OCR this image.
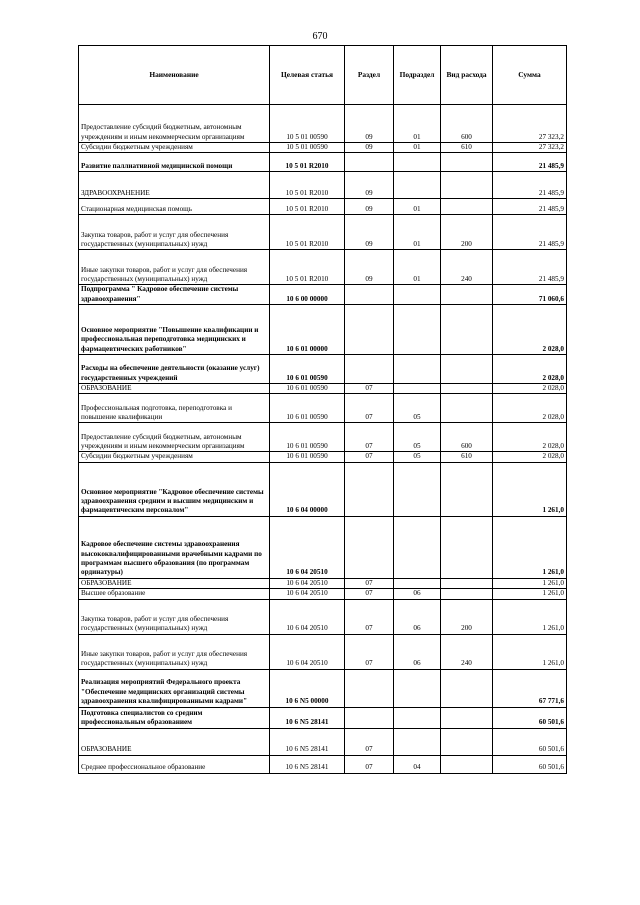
670
Наименование	Целевая статья	Раздел	Подраздел	Вид расхода	Сумма
Предоставление субсидий бюджетным, автономным учреждениям и иным некоммерческим организациям	10 5 01 00590	09	01	600	27 323,2
Субсидии бюджетным учреждениям	10 5 01 00590	09	01	610	27 323,2
Развитие паллиативной медицинской помощи	10 5 01 R2010				21 485,9
ЗДРАВООХРАНЕНИЕ	10 5 01 R2010	09			21 485,9
Стационарная медицинская помощь	10 5 01 R2010	09	01		21 485,9
Закупка товаров, работ и услуг для обеспечения государственных (муниципальных) нужд	10 5 01 R2010	09	01	200	21 485,9
Иные закупки товаров, работ и услуг для обеспечения государственных (муниципальных) нужд	10 5 01 R2010	09	01	240	21 485,9
Подпрограмма " Кадровое обеспечение системы здравоохранения"	10 6 00 00000				71 060,6
Основное мероприятие "Повышение квалификации и профессиональная переподготовка медицинских и фармацевтических работников"	10 6 01 00000				2 028,0
Расходы на обеспечение деятельности (оказание услуг) государственных учреждений	10 6 01 00590				2 028,0
ОБРАЗОВАНИЕ	10 6 01 00590	07			2 028,0
Профессиональная подготовка, переподготовка и повышение квалификации	10 6 01 00590	07	05		2 028,0
Предоставление субсидий бюджетным, автономным учреждениям и иным некоммерческим организациям	10 6 01 00590	07	05	600	2 028,0
Субсидии бюджетным учреждениям	10 6 01 00590	07	05	610	2 028,0
Основное мероприятие "Кадровое обеспечение системы здравоохранения средним и высшим медицинским и фармацевтическим персоналом"	10 6 04 00000				1 261,0
Кадровое обеспечение системы здравоохранения высококвалифицированными врачебными кадрами по программам высшего образования (по программам ординатуры)	10 6 04 20510				1 261,0
ОБРАЗОВАНИЕ	10 6 04 20510	07			1 261,0
Высшее образование	10 6 04 20510	07	06		1 261,0
Закупка товаров, работ и услуг для обеспечения государственных (муниципальных) нужд	10 6 04 20510	07	06	200	1 261,0
Иные закупки товаров, работ и услуг для обеспечения государственных (муниципальных) нужд	10 6 04 20510	07	06	240	1 261,0
Реализация мероприятий Федерального проекта "Обеспечение медицинских организаций системы здравоохранения квалифицированными кадрами"	10 6 N5 00000				67 771,6
Подготовка специалистов со средним профессиональным образованием	10 6 N5 28141				60 501,6
ОБРАЗОВАНИЕ	10 6 N5 28141	07			60 501,6
Среднее профессиональное образование	10 6 N5 28141	07	04		60 501,6
